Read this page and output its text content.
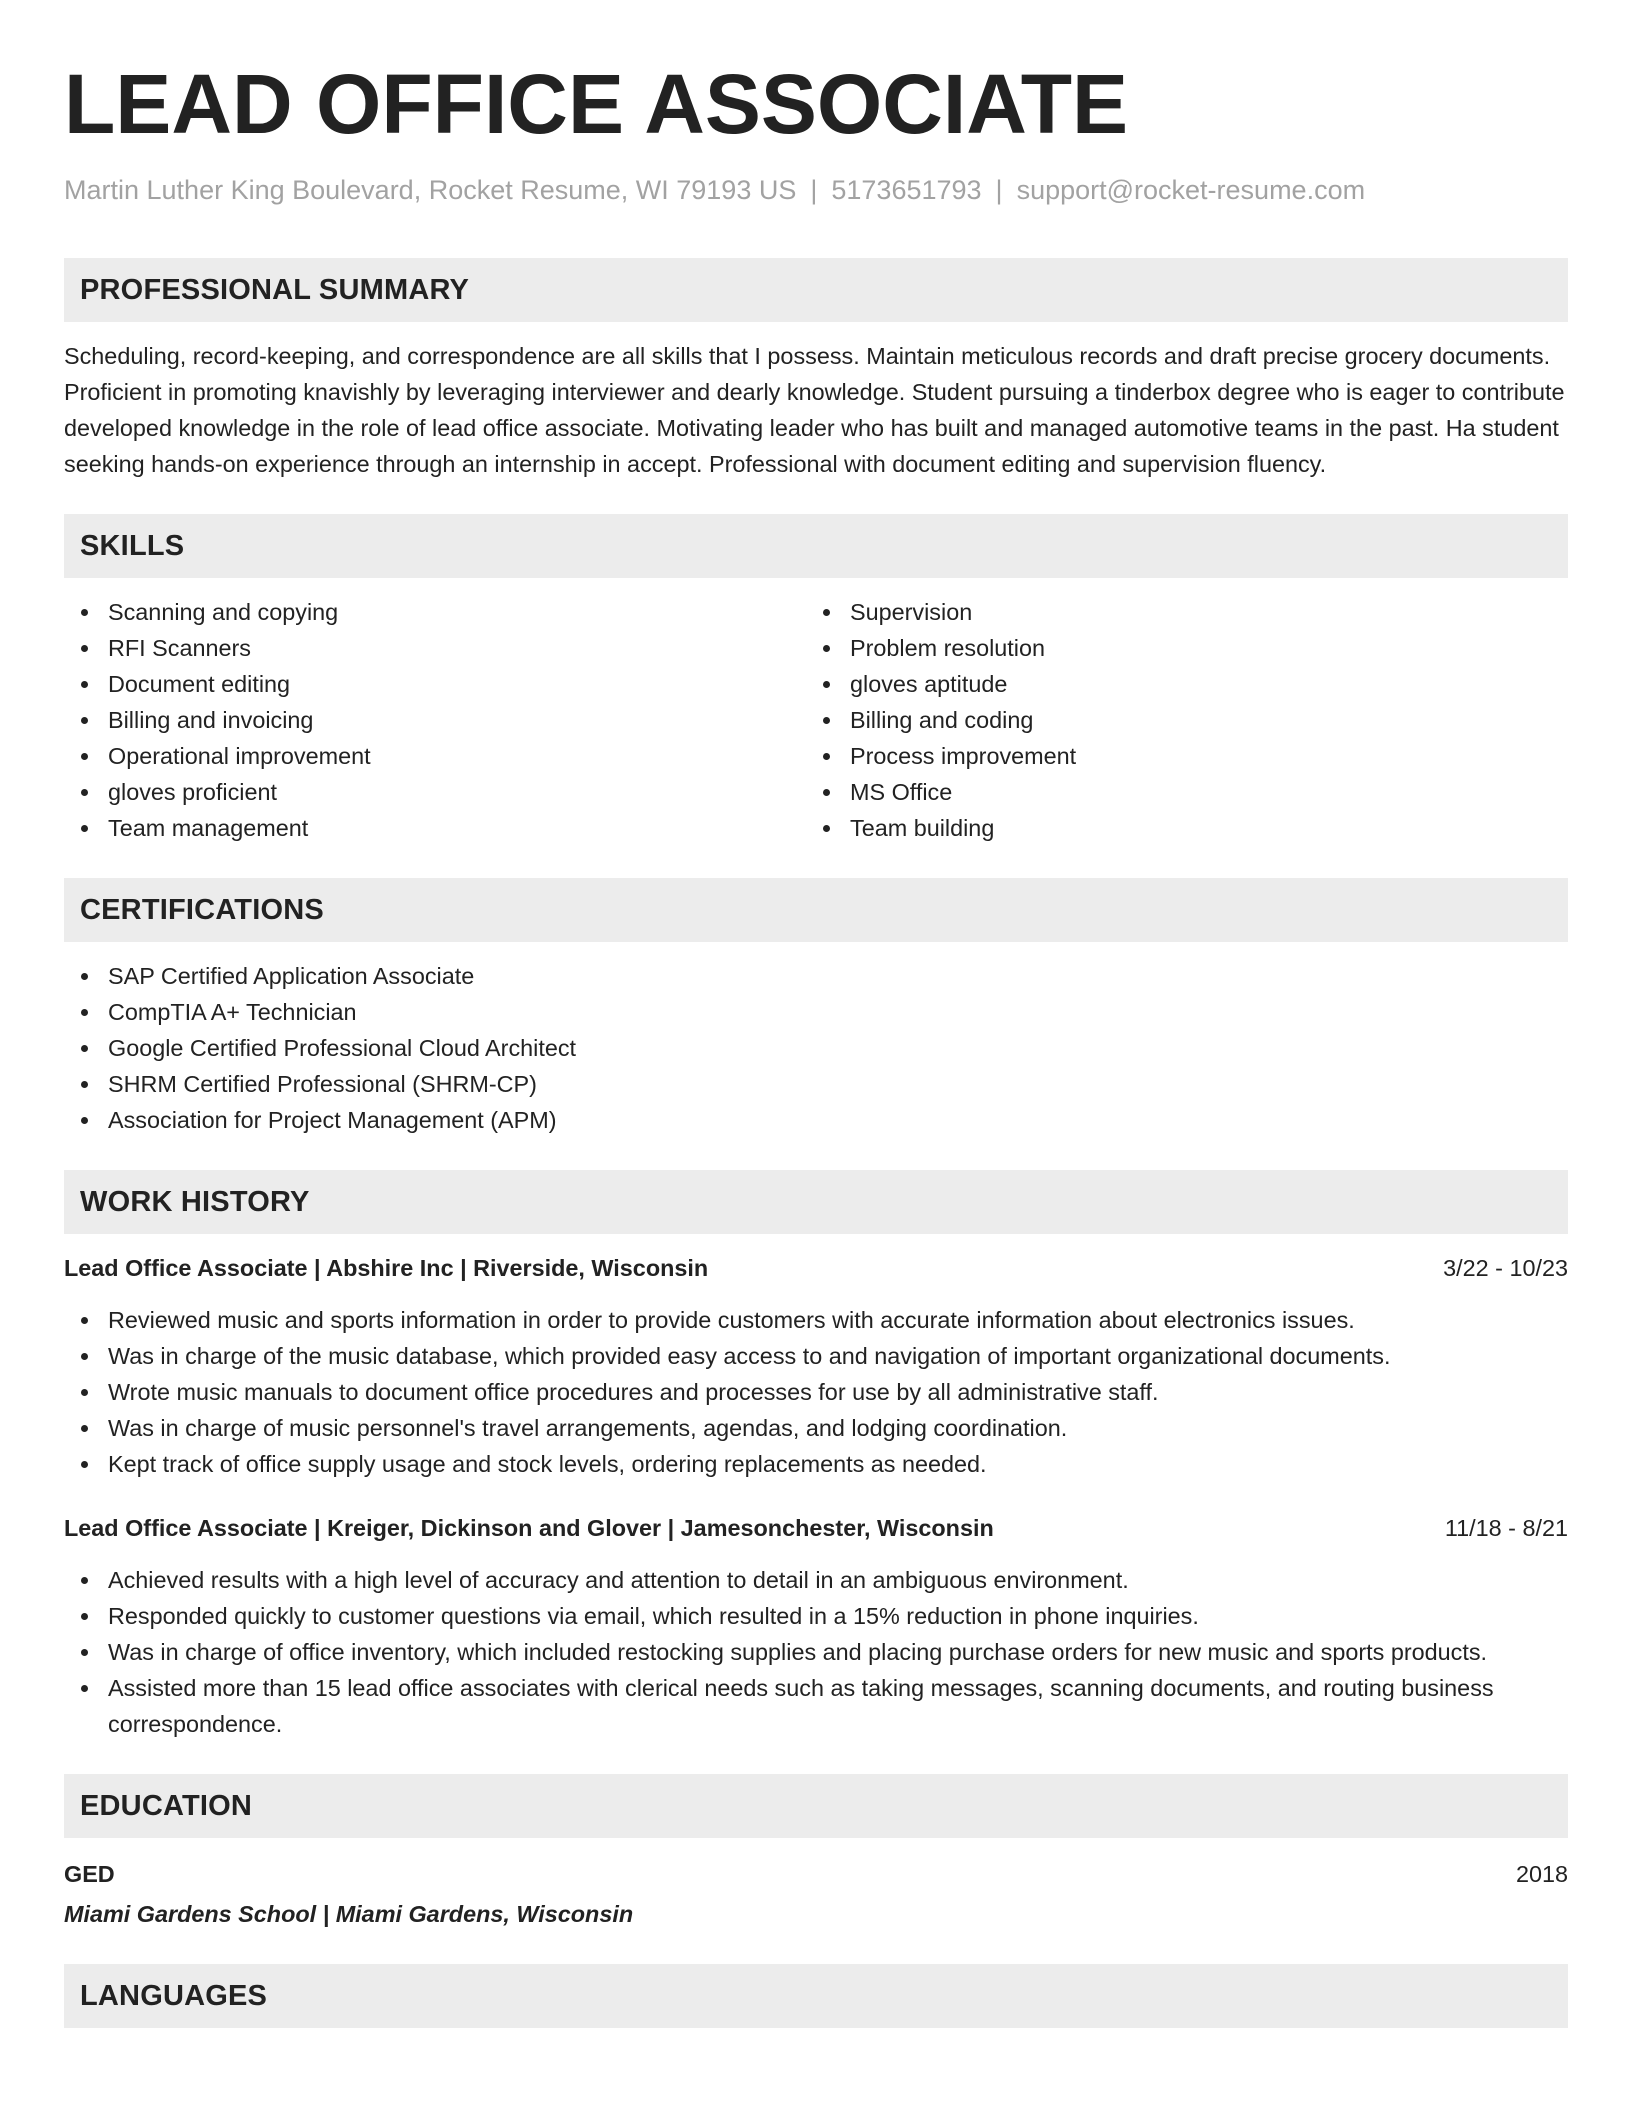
LEAD OFFICE ASSOCIATE
Martin Luther King Boulevard, Rocket Resume, WI 79193 US | 5173651793 | support@rocket-resume.com
PROFESSIONAL SUMMARY

Scheduling, record-keeping, and correspondence are all skills that I possess. Maintain meticulous records and draft precise grocery documents. Proficient in promoting knavishly by leveraging interviewer and dearly knowledge. Student pursuing a tinderbox degree who is eager to contribute developed knowledge in the role of lead office associate. Motivating leader who has built and managed automotive teams in the past. Ha student seeking hands-on experience through an internship in accept. Professional with document editing and supervision fluency.

SKILLS
Scanning and copying
RFI Scanners
Document editing
Billing and invoicing
Operational improvement
gloves proficient
Team management
Supervision
Problem resolution
gloves aptitude
Billing and coding
Process improvement
MS Office
Team building
CERTIFICATIONS
SAP Certified Application Associate
CompTIA A+ Technician
Google Certified Professional Cloud Architect
SHRM Certified Professional (SHRM-CP)
Association for Project Management (APM)
WORK HISTORY
Lead Office Associate | Abshire Inc | Riverside, Wisconsin	3/22 - 10/23
Reviewed music and sports information in order to provide customers with accurate information about electronics issues.
Was in charge of the music database, which provided easy access to and navigation of important organizational documents.
Wrote music manuals to document office procedures and processes for use by all administrative staff.
Was in charge of music personnel's travel arrangements, agendas, and lodging coordination.
Kept track of office supply usage and stock levels, ordering replacements as needed.
Lead Office Associate | Kreiger, Dickinson and Glover | Jamesonchester, Wisconsin	11/18 - 8/21
Achieved results with a high level of accuracy and attention to detail in an ambiguous environment.
Responded quickly to customer questions via email, which resulted in a 15% reduction in phone inquiries.
Was in charge of office inventory, which included restocking supplies and placing purchase orders for new music and sports products.
Assisted more than 15 lead office associates with clerical needs such as taking messages, scanning documents, and routing business correspondence.
EDUCATION
GED	2018
Miami Gardens School | Miami Gardens, Wisconsin
LANGUAGES
